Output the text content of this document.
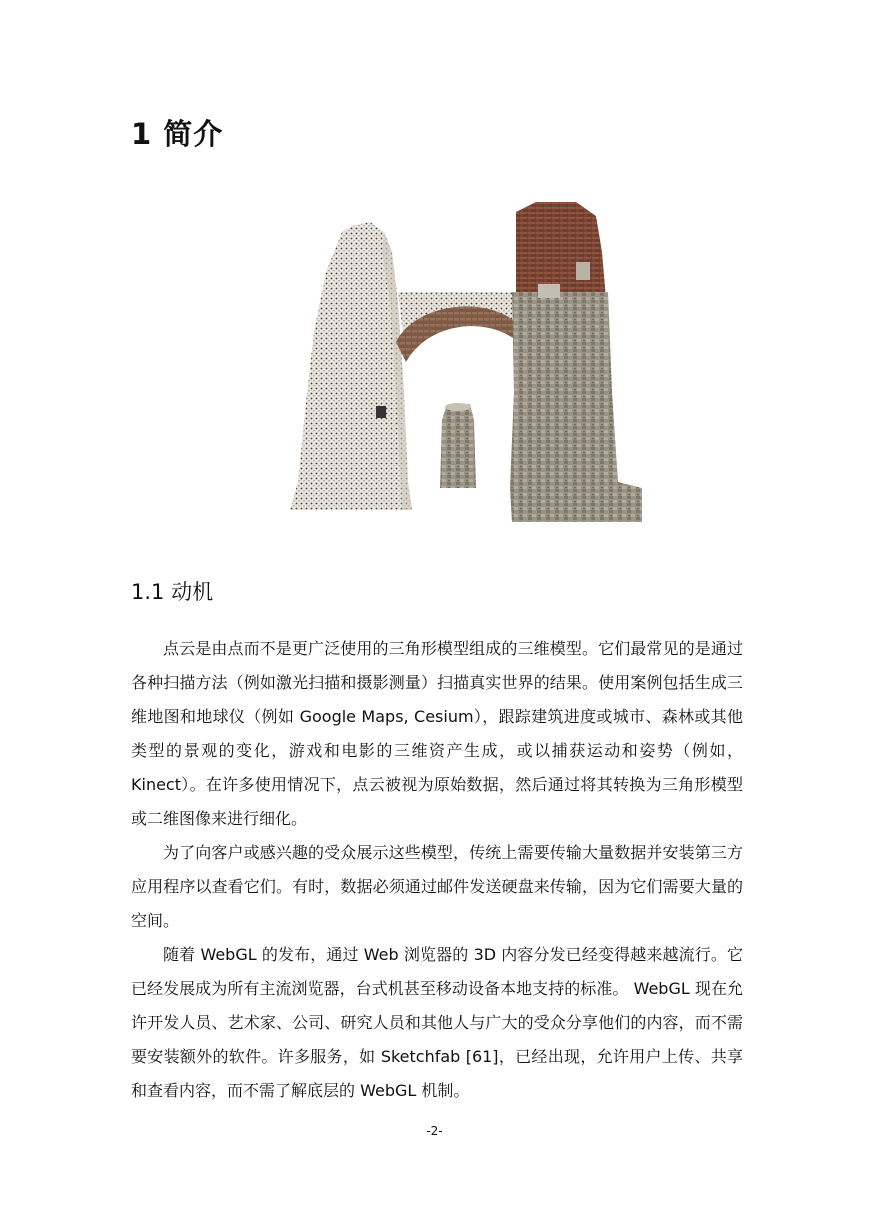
1 简介
1.1 动机

点云是由点而不是更广泛使用的三角形模型组成的三维模型。它们最常见的是通过各种扫描方法（例如激光扫描和摄影测量）扫描真实世界的结果。使用案例包括生成三维地图和地球仪（例如 Google Maps, Cesium），跟踪建筑进度或城市、森林或其他类型的景观的变化，游戏和电影的三维资产生成，或以捕获运动和姿势（例如，Kinect）。在许多使用情况下，点云被视为原始数据，然后通过将其转换为三角形模型或二维图像来进行细化。

为了向客户或感兴趣的受众展示这些模型，传统上需要传输大量数据并安装第三方应用程序以查看它们。有时，数据必须通过邮件发送硬盘来传输，因为它们需要大量的空间。

随着 WebGL 的发布，通过 Web 浏览器的 3D 内容分发已经变得越来越流行。它已经发展成为所有主流浏览器，台式机甚至移动设备本地支持的标准。 WebGL 现在允许开发人员、艺术家、公司、研究人员和其他人与广大的受众分享他们的内容，而不需要安装额外的软件。许多服务，如 Sketchfab [61]，已经出现，允许用户上传、共享和查看内容，而不需了解底层的 WebGL 机制。

-2-
